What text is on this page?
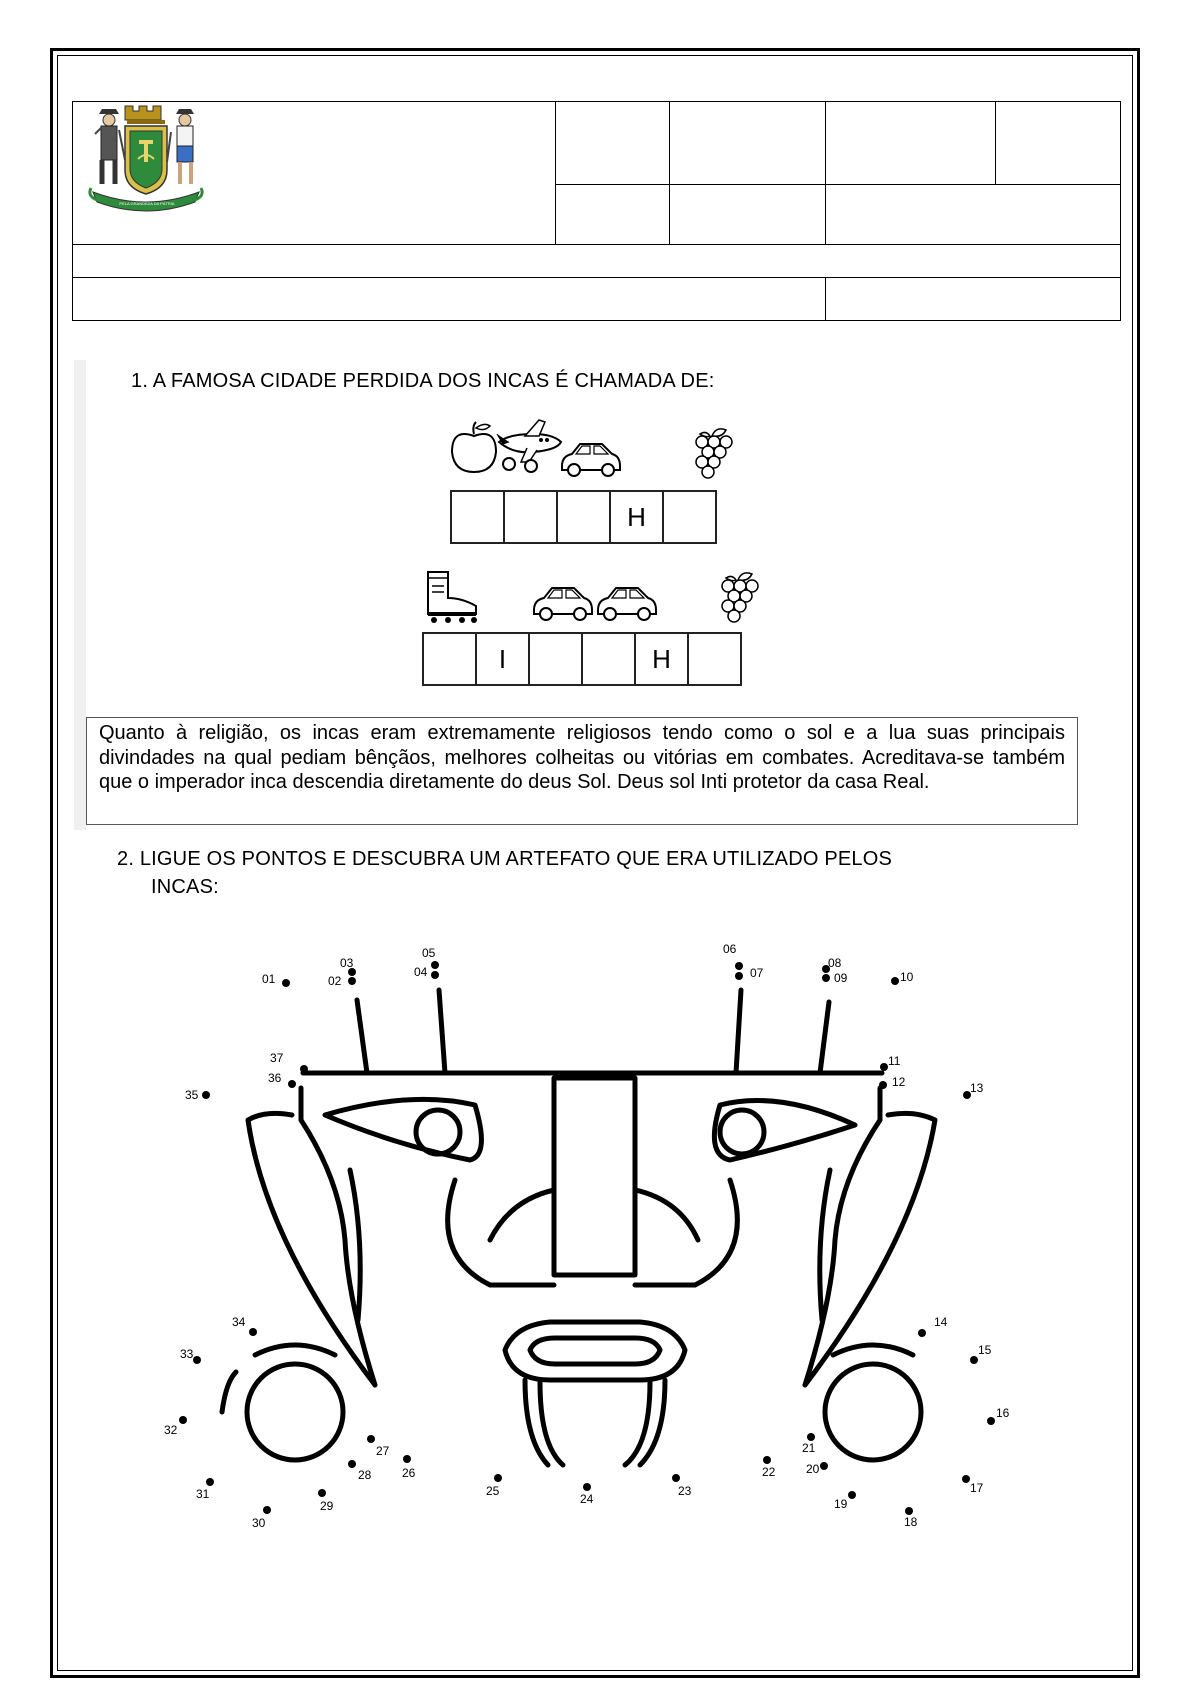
PELA GRANDEZA DA PÁTRIA
1. A FAMOSA CIDADE PERDIDA DOS INCAS É CHAMADA DE:
H
I	H
Quanto à religião, os incas eram extremamente religiosos tendo como o sol e a lua suas principais divindades na qual pediam bênçãos, melhores colheitas ou vitórias em combates. Acreditava-se também que o imperador inca descendia diretamente do deus Sol. Deus sol Inti protetor da casa Real.
2. LIGUE OS PONTOS E DESCUBRA UM ARTEFATO QUE ERA UTILIZADO PELOS
INCAS:
01	02
03
04
05	06
07
08
09	10
11
12	13
14
15
16
17
18
19
20
21
22
23
24
25
26
27
28
29
30
31
32
33
34
35
36
37
